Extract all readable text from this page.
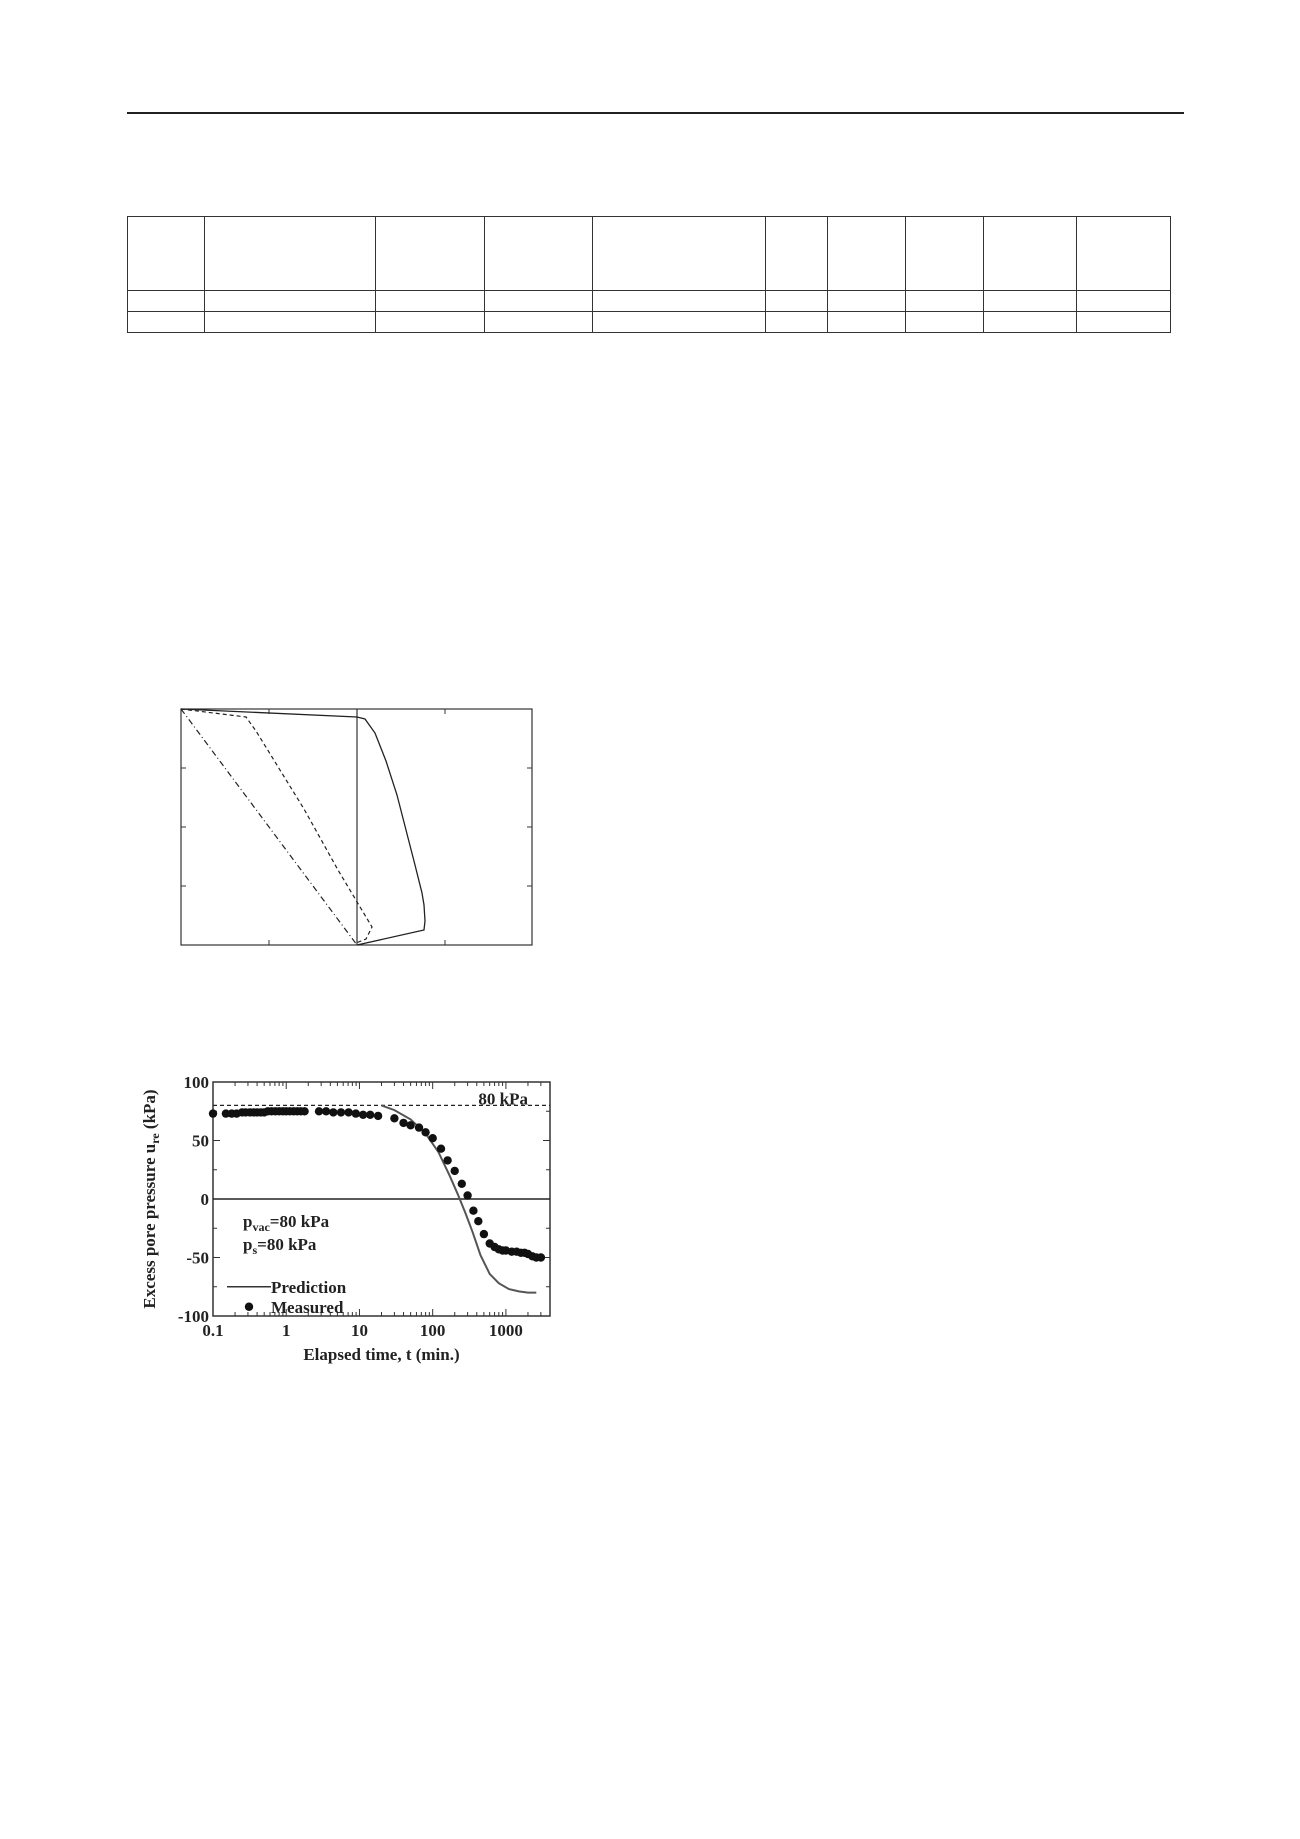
100
50
0
-50
-100
0.1	1	10	100	1000
80 kPa
$p_{vac}=80$ kPa
$p_s=80$ kPa
Prediction
Measured
Elapsed time, t (min.)
Excess pore pressure $u_{re}$ (kPa)
